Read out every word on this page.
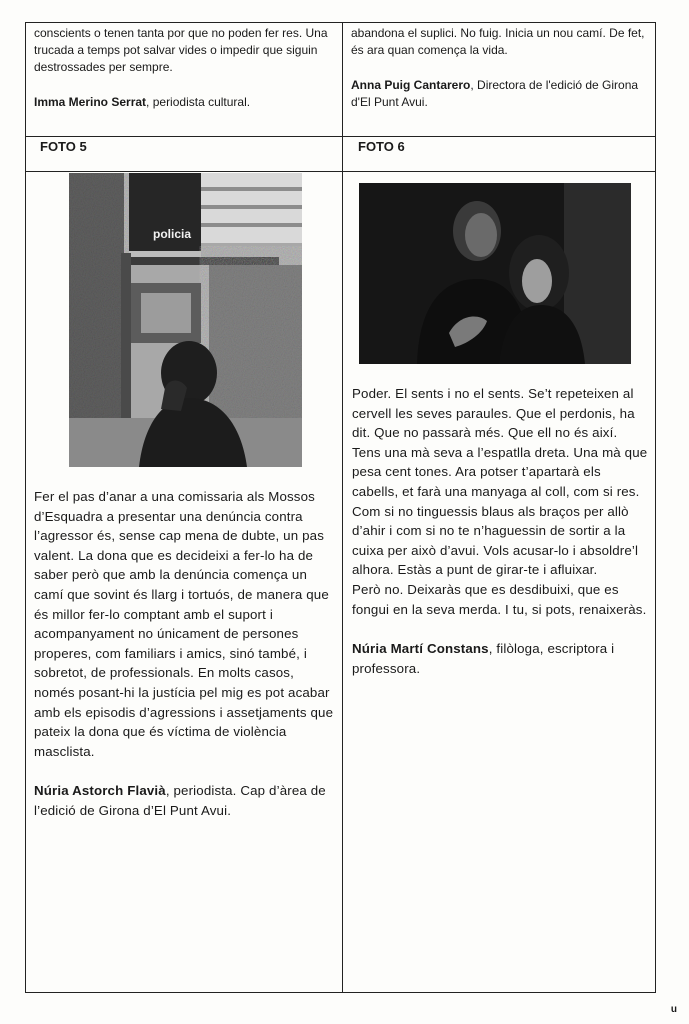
conscients o tenen tanta por que no poden fer res. Una trucada a temps pot salvar vides o impedir que siguin destrossades per sempre.

Imma Merino Serrat, periodista cultural.

abandona el suplici. No fuig. Inicia un nou camí. De fet, és ara quan comença la vida.

Anna Puig Cantarero, Directora de l'edició de Girona d'El Punt Avui.

FOTO 5	FOTO 6
policia

Fer el pas d’anar a una comissaria als Mossos d’Esquadra a presentar una denúncia contra l’agressor és, sense cap mena de dubte, un pas valent. La dona que es decideixi a fer-lo ha de saber però que amb la denúncia comença un camí que sovint és llarg i tortuós, de manera que és millor fer-lo comptant amb el suport i acompanyament no únicament de persones properes, com familiars i amics, sinó també, i sobretot, de professionals. En molts casos, només posant-hi la justícia pel mig es pot acabar amb els episodis d’agressions i assetjaments que pateix la dona que és víctima de violència masclista.

Núria Astorch Flavià, periodista. Cap d’àrea de l’edició de Girona d’El Punt Avui.

Poder. El sents i no el sents. Se’t repeteixen al cervell les seves paraules. Que el perdonis, ha dit. Que no passarà més. Que ell no és així. Tens una mà seva a l’espatlla dreta. Una mà que pesa cent tones. Ara potser t’apartarà els cabells, et farà una manyaga al coll, com si res. Com si no tinguessis blaus als braços per allò d’ahir i com si no te n’haguessin de sortir a la cuixa per això d’avui. Vols acusar-lo i absoldre’l alhora. Estàs a punt de girar-te i afluixar.

Però no. Deixaràs que es desdibuixi, que es fongui en la seva merda. I tu, si pots, renaixeràs.

Núria Martí Constans, filòloga, escriptora i professora.

u
